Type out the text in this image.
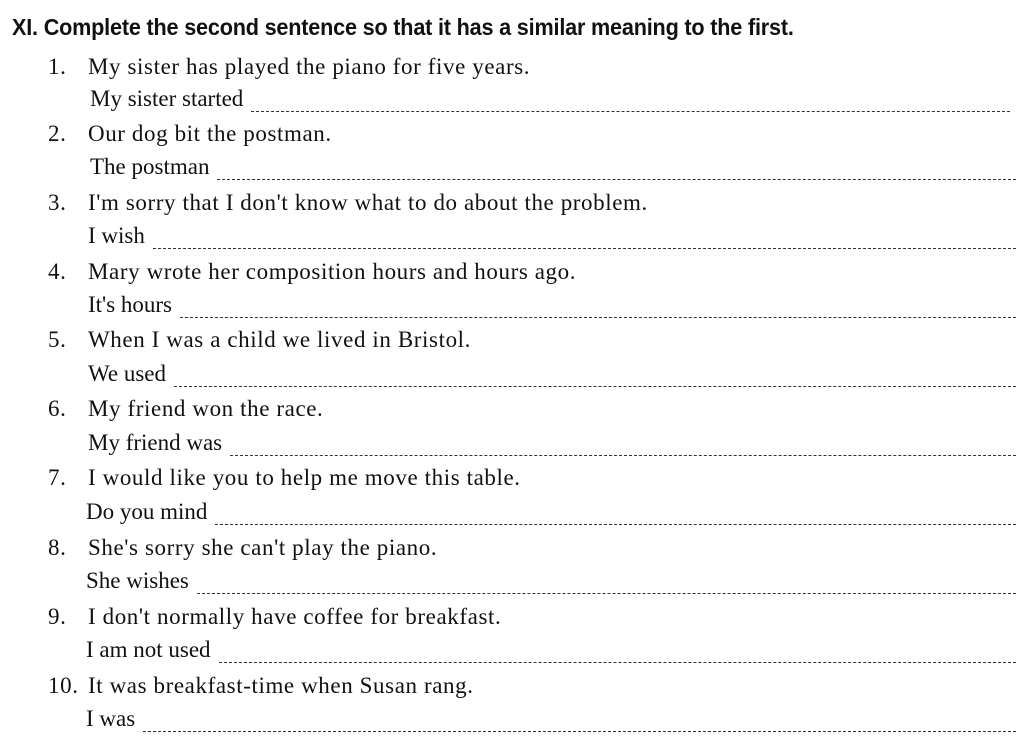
XI. Complete the second sentence so that it has a similar meaning to the first.
1. My sister has played the piano for five years.
My sister started
2. Our dog bit the postman.
The postman
3. I'm sorry that I don't know what to do about the problem.
I wish
4. Mary wrote her composition hours and hours ago.
It's hours
5. When I was a child we lived in Bristol.
We used
6. My friend won the race.
My friend was
7. I would like you to help me move this table.
Do you mind
8. She's sorry she can't play the piano.
She wishes
9. I don't normally have coffee for breakfast.
I am not used
10. It was breakfast-time when Susan rang.
I was
